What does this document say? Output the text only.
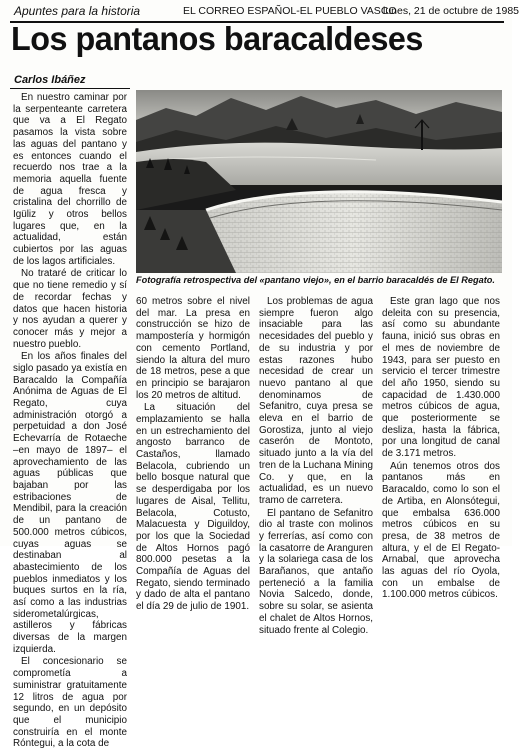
Apuntes para la historia	EL CORREO ESPAÑOL-EL PUEBLO VASCO
lunes, 21 de octubre de 1985
Los pantanos baracaldeses
Carlos Ibáñez

En nuestro caminar por la serpenteante carretera que va a El Regato pasamos la vista sobre las aguas del pantano y es entonces cuando el recuerdo nos trae a la memoria aquella fuente de agua fresca y cristalina del chorrillo de Igüliz y otros bellos lugares que, en la actualidad, están cubiertos por las aguas de los lagos artificiales.

No trataré de criticar lo que no tiene remedio y sí de recordar fechas y datos que hacen historia y nos ayudan a querer y conocer más y mejor a nuestro pueblo.

En los años finales del siglo pasado ya existía en Baracaldo la Compañía Anónima de Aguas de El Regato, cuya administración otorgó a perpetuidad a don José Echevarría de Rotaeche –en mayo de 1897– el aprovechamiento de las aguas públicas que bajaban por las estribaciones de Mendibil, para la creación de un pantano de 500.000 metros cúbicos, cuyas aguas se destinaban al abastecimiento de los pueblos inmediatos y los buques surtos en la ría, así como a las industrias siderometalúrgicas, astilleros y fábricas diversas de la margen izquierda.

El concesionario se comprometía a suministrar gratuitamente 12 litros de agua por segundo, en un depósito que el municipio construiría en el monte Róntegui, a la cota de

Fotografía retrospectiva del «pantano viejo», en el barrio baracaldés de El Regato.

60 metros sobre el nivel del mar. La presa en construcción se hizo de mampostería y hormigón con cemento Portland, siendo la altura del muro de 18 metros, pese a que en principio se barajaron los 20 metros de altitud.

La situación del emplazamiento se halla en un estrechamiento del angosto barranco de Castaños, llamado Belacola, cubriendo un bello bosque natural que se desperdigaba por los lugares de Aisal, Tellitu, Belacola, Cotusto, Malacuesta y Diguildoy, por los que la Sociedad de Altos Hornos pagó 800.000 pesetas a la Compañía de Aguas del Regato, siendo terminado y dado de alta el pantano el día 29 de julio de 1901.

Los problemas de agua siempre fueron algo insaciable para las necesidades del pueblo y de su industria y por estas razones hubo necesidad de crear un nuevo pantano al que denominamos de Sefanitro, cuya presa se eleva en el barrio de Gorostiza, junto al viejo caserón de Montoto, situado junto a la vía del tren de la Luchana Mining Co. y que, en la actualidad, es un nuevo tramo de carretera.

El pantano de Sefanitro dio al traste con molinos y ferrerías, así como con la casatorre de Aranguren y la solariega casa de los Barañanos, que antaño perteneció a la familia Novia Salcedo, donde, sobre su solar, se asienta el chalet de Altos Hornos, situado frente al Colegio.

Este gran lago que nos deleita con su presencia, así como su abundante fauna, inició sus obras en el mes de noviembre de 1943, para ser puesto en servicio el tercer trimestre del año 1950, siendo su capacidad de 1.430.000 metros cúbicos de agua, que posteriormente se desliza, hasta la fábrica, por una longitud de canal de 3.171 metros.

Aún tenemos otros dos pantanos más en Baracaldo, como lo son el de Artiba, en Alonsótegui, que embalsa 636.000 metros cúbicos en su presa, de 38 metros de altura, y el de El Regato-Arnabal, que aprovecha las aguas del río Oyola, con un embalse de 1.100.000 metros cúbicos.
